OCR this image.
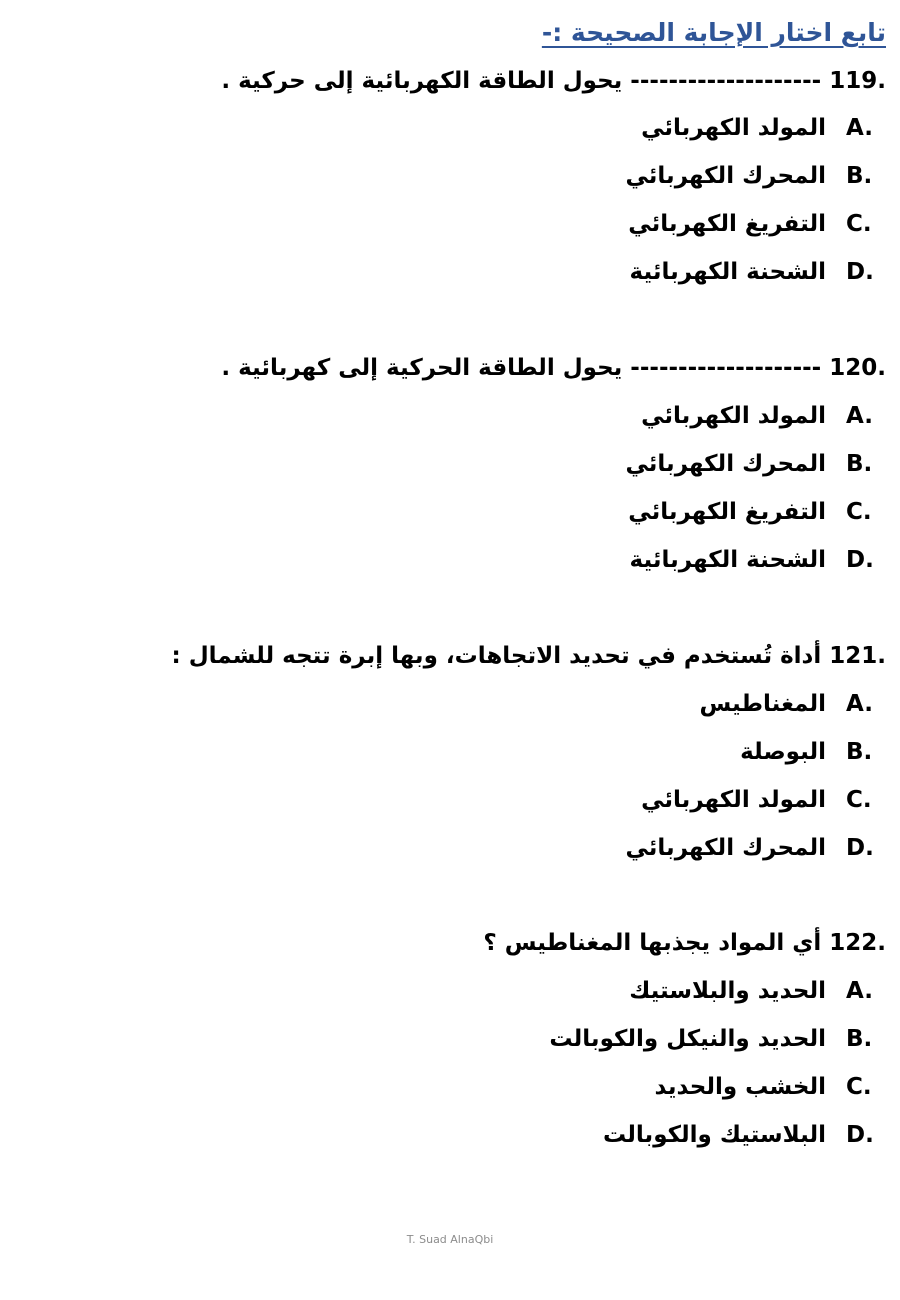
تابع اختار الإجابة الصحيحة :-
-------------------- يحول الطاقة الكهربائية إلى حركية . 119.
A.
المولد الكهربائي
B.
المحرك الكهربائي
C.
التفريغ الكهربائي
D.
الشحنة الكهربائية
-------------------- يحول الطاقة الحركية إلى كهربائية . 120.
A.
المولد الكهربائي
B.
المحرك الكهربائي
C.
التفريغ الكهربائي
D.
الشحنة الكهربائية
أداة تُستخدم في تحديد الاتجاهات، وبها إبرة تتجه للشمال : 121.
A.
المغناطيس
B.
البوصلة
C.
المولد الكهربائي
D.
المحرك الكهربائي
أي المواد يجذبها المغناطيس ؟ 122.
A.
الحديد والبلاستيك
B.
الحديد والنيكل والكوبالت
C.
الخشب والحديد
D.
البلاستيك والكوبالت
T. Suad AlnaQbi
